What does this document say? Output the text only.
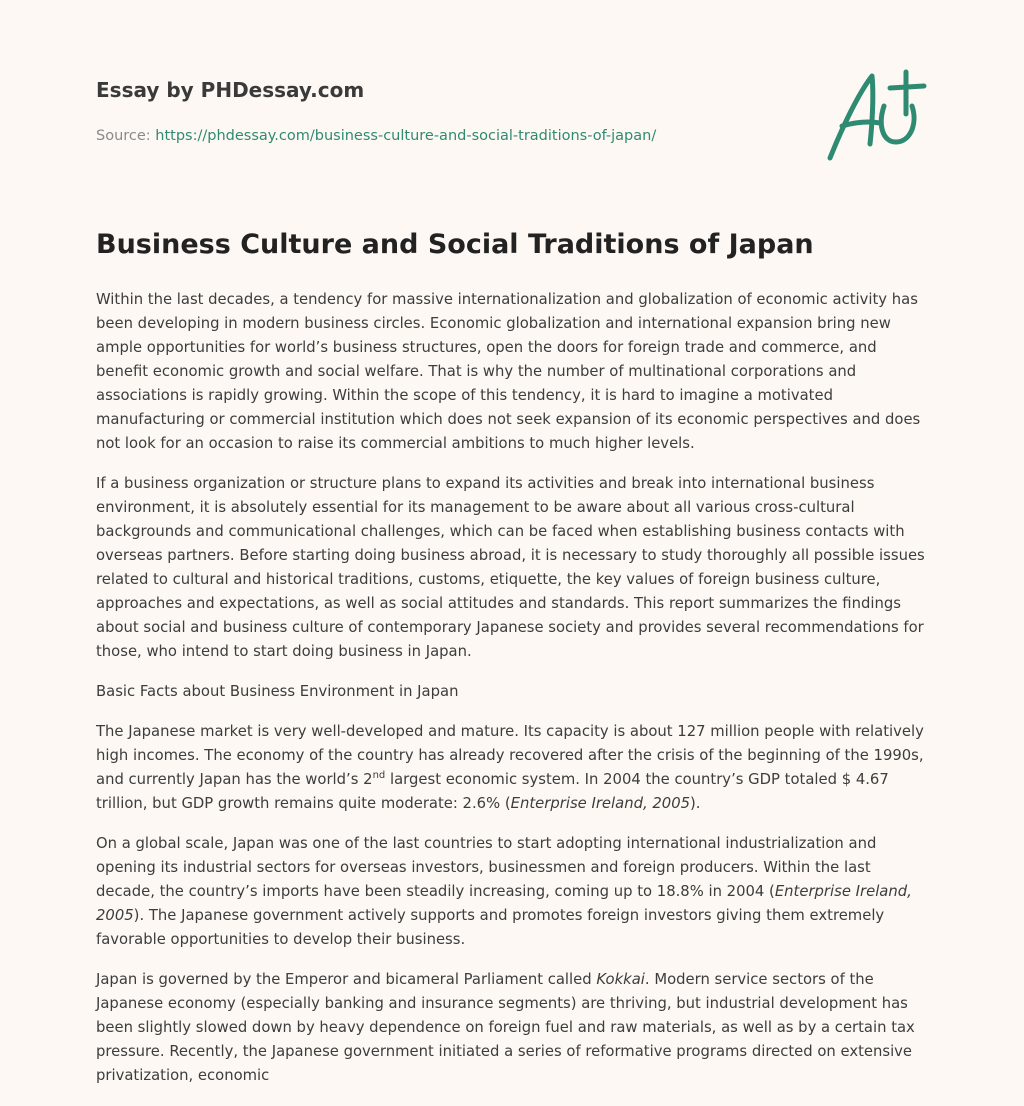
Essay by PHDessay.com
Source: https://phdessay.com/business-culture-and-social-traditions-of-japan/
Business Culture and Social Traditions of Japan

Within the last decades, a tendency for massive internationalization and globalization of economic activity has been developing in modern business circles. Economic globalization and international expansion bring new ample opportunities for world’s business structures, open the doors for foreign trade and commerce, and benefit economic growth and social welfare. That is why the number of multinational corporations and associations is rapidly growing. Within the scope of this tendency, it is hard to imagine a motivated manufacturing or commercial institution which does not seek expansion of its economic perspectives and does not look for an occasion to raise its commercial ambitions to much higher levels.

If a business organization or structure plans to expand its activities and break into international business environment, it is absolutely essential for its management to be aware about all various cross-cultural backgrounds and communicational challenges, which can be faced when establishing business contacts with overseas partners. Before starting doing business abroad, it is necessary to study thoroughly all possible issues related to cultural and historical traditions, customs, etiquette, the key values of foreign business culture, approaches and expectations, as well as social attitudes and standards. This report summarizes the findings about social and business culture of contemporary Japanese society and provides several recommendations for those, who intend to start doing business in Japan.

Basic Facts about Business Environment in Japan

The Japanese market is very well-developed and mature. Its capacity is about 127 million people with relatively high incomes. The economy of the country has already recovered after the crisis of the beginning of the 1990s, and currently Japan has the world’s 2nd largest economic system. In 2004 the country’s GDP totaled $ 4.67 trillion, but GDP growth remains quite moderate: 2.6% (Enterprise Ireland, 2005).

On a global scale, Japan was one of the last countries to start adopting international industrialization and opening its industrial sectors for overseas investors, businessmen and foreign producers. Within the last decade, the country’s imports have been steadily increasing, coming up to 18.8% in 2004 (Enterprise Ireland, 2005). The Japanese government actively supports and promotes foreign investors giving them extremely favorable opportunities to develop their business.

Japan is governed by the Emperor and bicameral Parliament called Kokkai. Modern service sectors of the Japanese economy (especially banking and insurance segments) are thriving, but industrial development has been slightly slowed down by heavy dependence on foreign fuel and raw materials, as well as by a certain tax pressure. Recently, the Japanese government initiated a series of reformative programs directed on extensive privatization, economic
